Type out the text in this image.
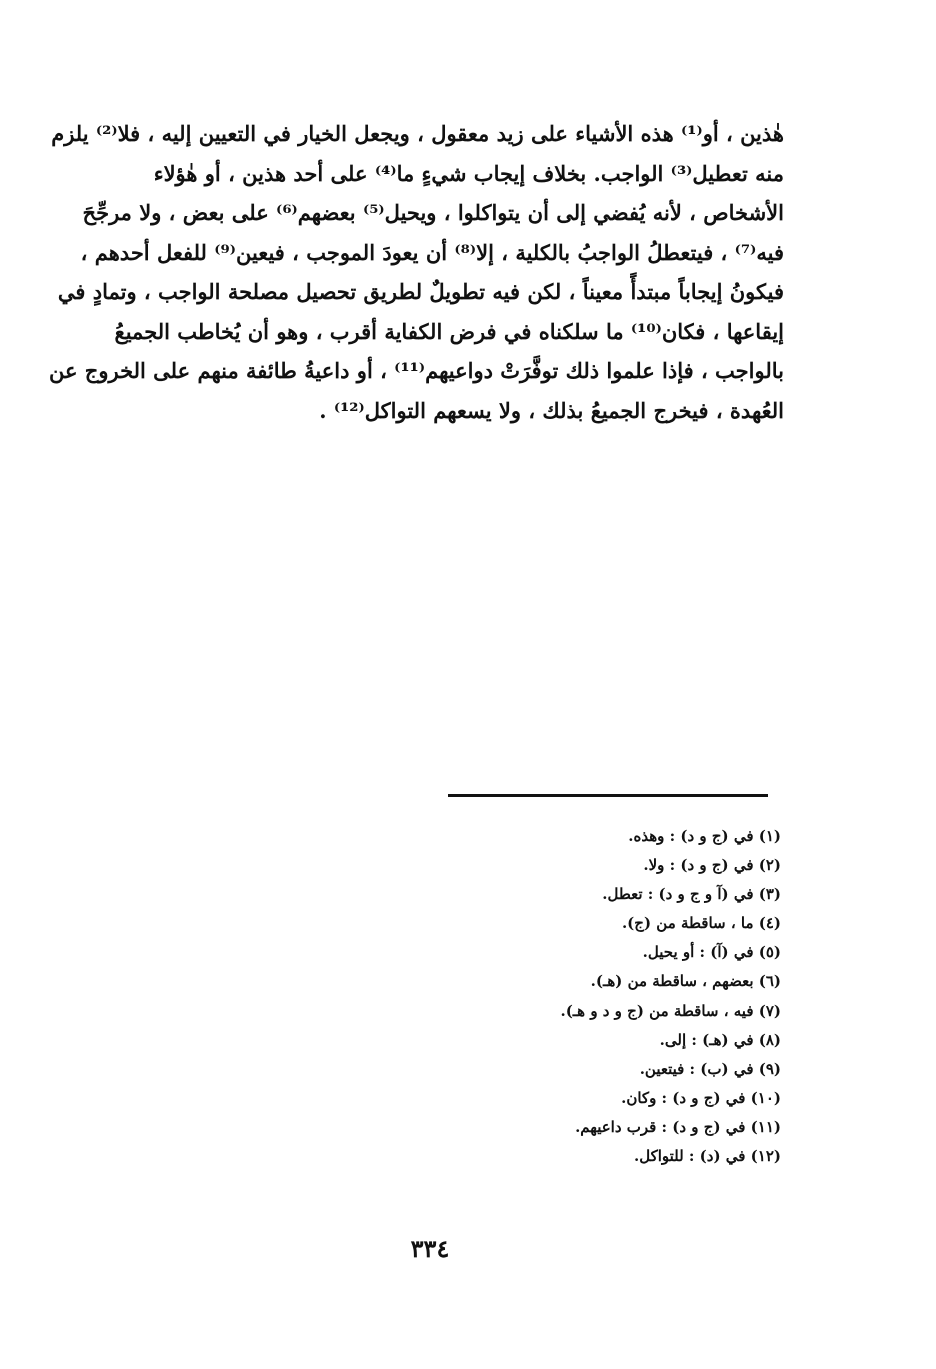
هٰذين ، أو⁽¹⁾ هذه الأشياء على زيد معقول ، ويجعل الخيار في التعيين إليه ، فلا⁽²⁾ يلزم
منه تعطيل⁽³⁾ الواجب. بخلاف إيجاب شيءٍ ما⁽⁴⁾ على أحد هذين ، أو هٰؤلاء
الأشخاص ، لأنه يُفضي إلى أن يتواكلوا ، ويحيل⁽⁵⁾ بعضهم⁽⁶⁾ على بعض ، ولا مرجِّحَ
فيه⁽⁷⁾ ، فيتعطلُ الواجبُ بالكلية ، إلا⁽⁸⁾ أن يعودَ الموجب ، فيعين⁽⁹⁾ للفعل أحدهم ،
فيكونُ إيجاباً مبتدأً معيناً ، لكن فيه تطويلٌ لطريق تحصيل مصلحة الواجب ، وتمادٍ في
إيقاعها ، فكان⁽¹⁰⁾ ما سلكناه في فرض الكفاية أقرب ، وهو أن يُخاطب الجميعُ
بالواجب ، فإذا علموا ذلك توفَّرَتْ دواعيهم⁽¹¹⁾ ، أو داعيةُ طائفة منهم على الخروج عن
العُهدة ، فيخرج الجميعُ بذلك ، ولا يسعهم التواكل⁽¹²⁾ .
(١) في (ج و د) : وهذه.
(٢) في (ج و د) : ولا.
(٣) في (آ و ج و د) : تعطل.
(٤) ما ، ساقطة من (ج).
(٥) في (آ) : أو يحيل.
(٦) بعضهم ، ساقطة من (هـ).
(٧) فيه ، ساقطة من (ج و د و هـ).
(٨) في (هـ) : إلى.
(٩) في (ب) : فيتعين.
(١٠) في (ج و د) : وكان.
(١١) في (ج و د) : قرب داعيهم.
(١٢) في (د) : للتواكل.
٣٣٤
